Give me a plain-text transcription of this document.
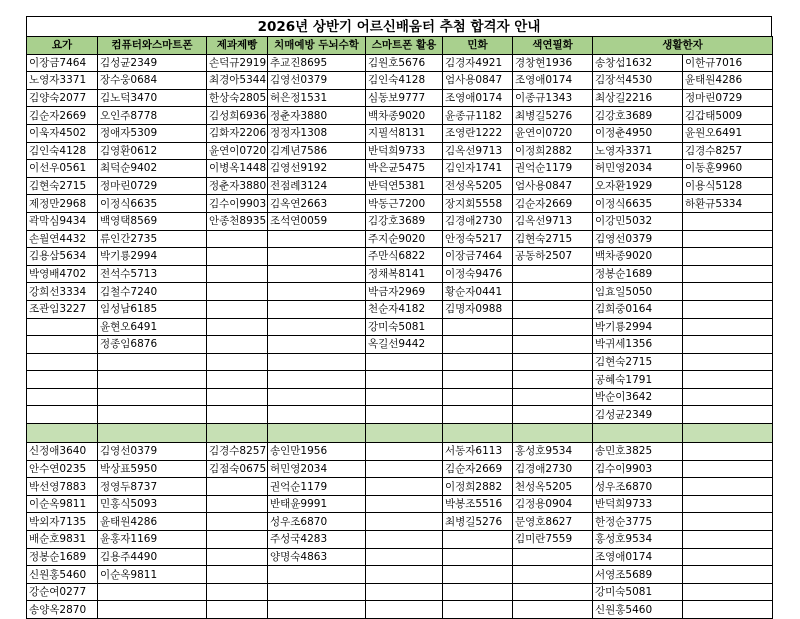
2026년 상반기 어르신배움터 추첨 합격자 안내
요가	컴퓨터와스마트폰	제과제빵	치매예방 두뇌수학	스마트폰 활용	민화	색연필화	생활한자	
이장금7464	김성균2349	손덕규2919	추교진8695	김원호5676	김경자4921	경창현1936	송창섭1632	이한규7016
노영자3371	장수웅0684	최경아5344	김영선0379	김인숙4128	엄사용0847	조영애0174	김장석4530	윤태원4286
김양숙2077	김노덕3470	한상숙2805	허은정1531	심동보9777	조영애0174	이종규1343	최상길2216	정마린0729
김순자2669	오인주8778	김성희6936	정춘자3880	백차종9020	윤종규1182	최병길5276	김강호3689	김갑태5009
이욱자4502	정애자5309	김화자2206	정정자1308	지필석8131	조영란1222	윤연이0720	이정춘4950	윤원오6491
김인숙4128	김영환0612	윤연이0720	김계년7586	반덕희9733	김옥선9713	이정희2882	노영자3371	김경수8257
이선우0561	최덕순9402	이병옥1448	김영선9192	박은균5475	김인자1741	권억순1179	허민영2034	이동훈9960
김현숙2715	정마린0729	정춘자3880	전점례3124	반덕연5381	전성옥5205	엄사용0847	오자환1929	이용식5128
제정만2968	이정식6635	김수이9903	김옥연2663	박동근7200	장지회5558	김순자2669	이정식6635	하환규5334
곽막심9434	백영택8569	안종천8935	조석연0059	김강호3689	김경애2730	김옥선9713	이강민5032	
손월연4432	류인간2735			주지순9020	안정숙5217	김현숙2715	김영선0379	
김용삼5634	박기룡2994			주만식6822	이장금7464	공동하2507	백차종9020	
박영배4702	전석수5713			정채복8141	이정숙9476		정봉순1689	
강희선3334	김철수7240			박금자2969	황순자0441		임효일5050	
조관임3227	임성남6185			천순자4182	김명자0988		김희중0164	
	윤현오6491			강미숙5081			박기룡2994	
	정종임6876			옥길선9442			박귀세1356	
							김현숙2715	
							공혜숙1791	
							박순이3642	
							김성균2349	

신정애3640	김영선0379	김경수8257	송인만1956		서동자6113	홍성호9534	송민호3825	
안수연0235	박상표5950	김점숙0675	허민영2034		김순자2669	김경애2730	김수이9903	
박선영7883	정영두8737		권억순1179		이정희2882	천성옥5205	성우조6870	
이순옥9811	민홍식5093		반태윤9991		박봉조5516	김정용0904	반덕희9733	
박외자7135	윤태원4286		성우조6870		최병길5276	문영호8627	한정순3775	
배순호9831	윤홍자1169		주성국4283			김미란7559	홍성호9534	
정봉순1689	김용주4490		양명숙4863				조영애0174	
신원홍5460	이순옥9811						서영조5689	
강순여0277							강미숙5081	
송양옥2870							신원홍5460	
